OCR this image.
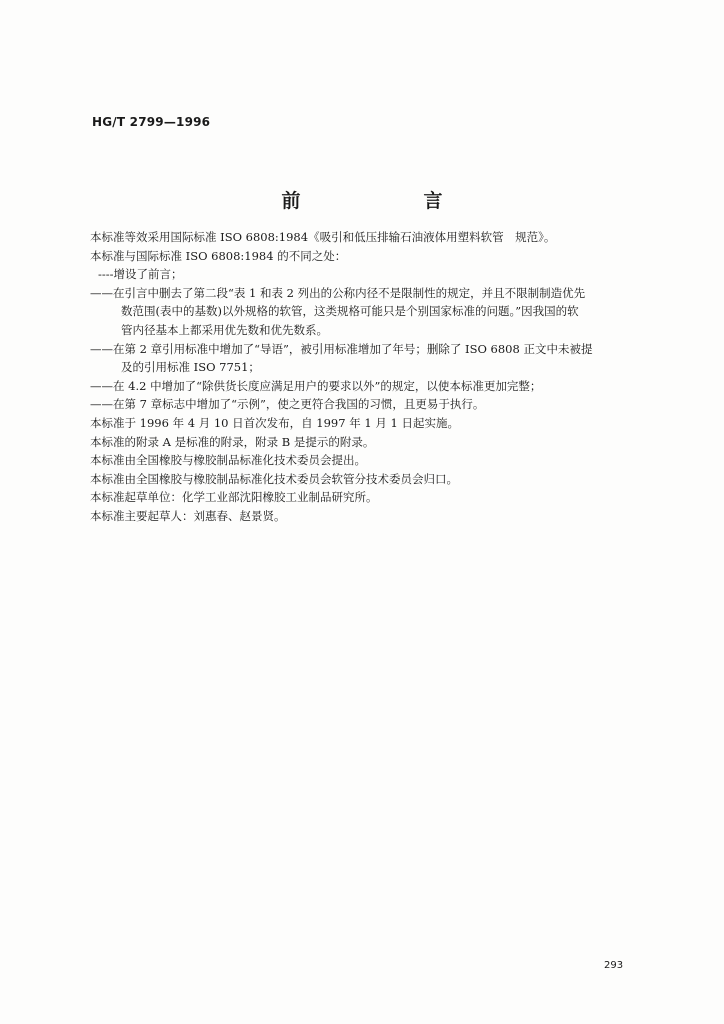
HG/T 2799—1996
前　言
本标准等效采用国际标准 ISO 6808:1984《吸引和低压排输石油液体用塑料软管　规范》。
本标准与国际标准 ISO 6808:1984 的不同之处：
----增设了前言；
——在引言中删去了第二段“表 1 和表 2 列出的公称内径不是限制性的规定，并且不限制制造优先
数范围(表中的基数)以外规格的软管，这类规格可能只是个别国家标准的问题。”因我国的软
管内径基本上都采用优先数和优先数系。
——在第 2 章引用标准中增加了“导语”，被引用标准增加了年号；删除了 ISO 6808 正文中未被提
及的引用标准 ISO 7751；
——在 4.2 中增加了“除供货长度应满足用户的要求以外”的规定，以使本标准更加完整；
——在第 7 章标志中增加了“示例”，使之更符合我国的习惯，且更易于执行。
本标准于 1996 年 4 月 10 日首次发布，自 1997 年 1 月 1 日起实施。
本标准的附录 A 是标准的附录，附录 B 是提示的附录。
本标准由全国橡胶与橡胶制品标准化技术委员会提出。
本标准由全国橡胶与橡胶制品标准化技术委员会软管分技术委员会归口。
本标准起草单位：化学工业部沈阳橡胶工业制品研究所。
本标准主要起草人：刘惠春、赵景贤。
293
